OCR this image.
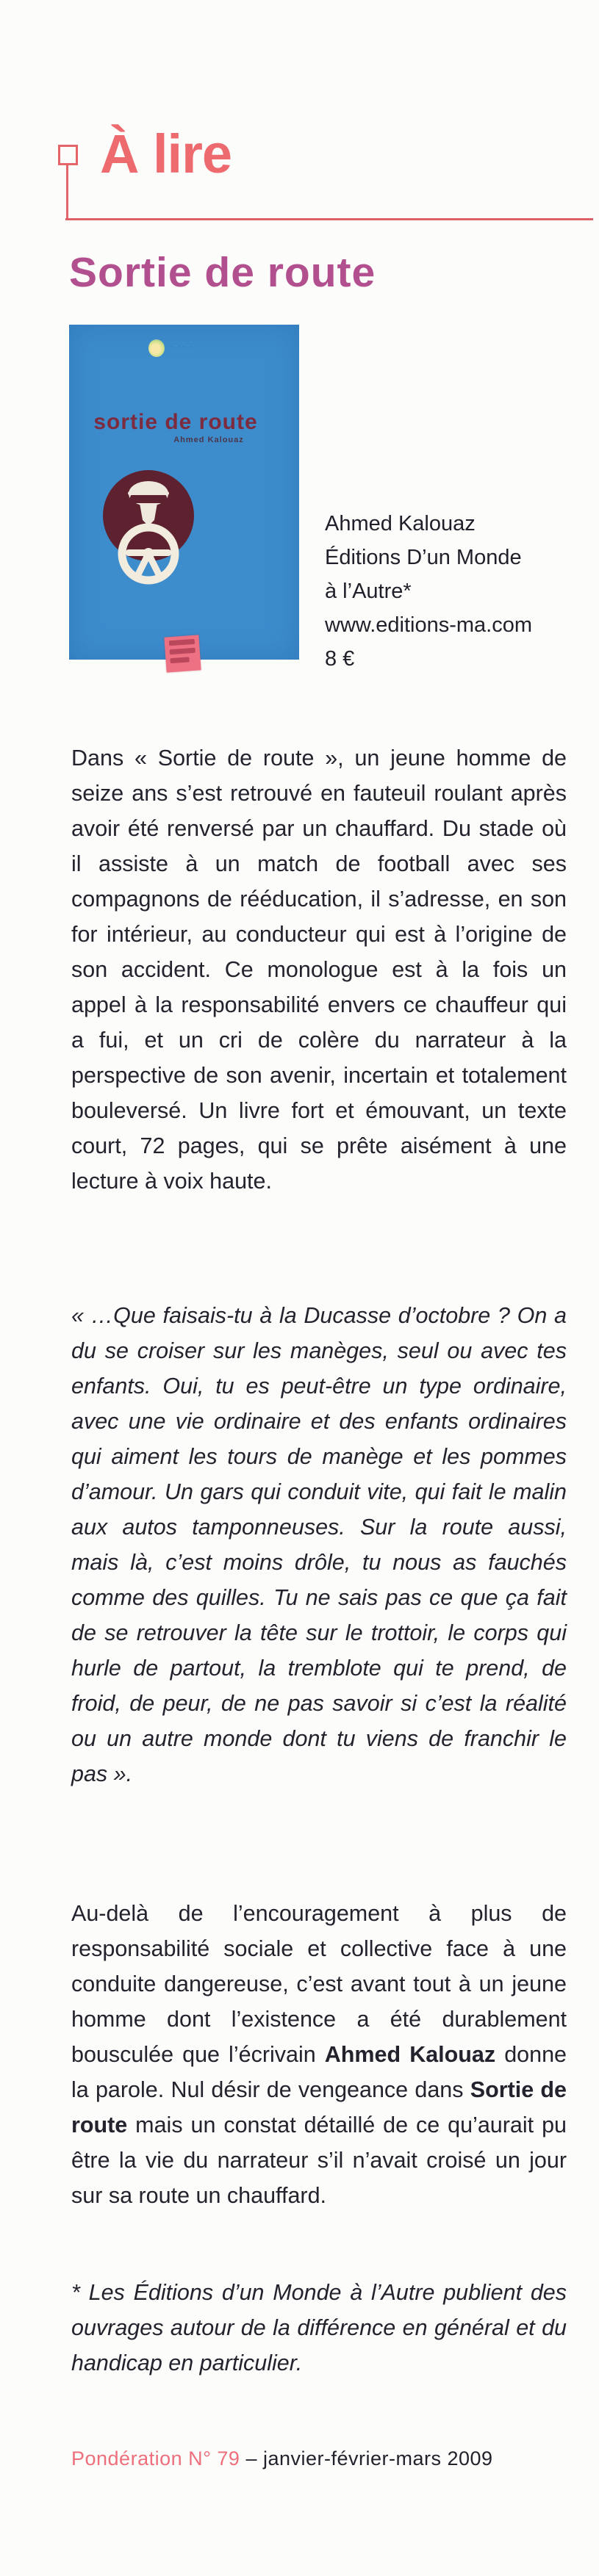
À lire
Sortie de route
· ·· ·
sortie de route
Ahmed Kalouaz
Ahmed Kalouaz
Éditions D’un Monde
à l’Autre*
www.editions-ma.com
8 €

Dans « Sortie de route », un jeune homme de seize ans s’est retrouvé en fauteuil roulant après avoir été renversé par un chauffard. Du stade où il assiste à un match de football avec ses compagnons de rééducation, il s’adresse, en son for intérieur, au conducteur qui est à l’origine de son accident. Ce monologue est à la fois un appel à la responsabilité envers ce chauffeur qui a fui, et un cri de colère du narrateur à la perspective de son avenir, incertain et totalement bouleversé. Un livre fort et émouvant, un texte court, 72 pages, qui se prête aisément à une lecture à voix haute.

« …Que faisais-tu à la Ducasse d’octobre ? On a du se croiser sur les manèges, seul ou avec tes enfants. Oui, tu es peut-être un type ordinaire, avec une vie ordinaire et des enfants ordinaires qui aiment les tours de manège et les pommes d’amour. Un gars qui conduit vite, qui fait le malin aux autos tamponneuses. Sur la route aussi, mais là, c’est moins drôle, tu nous as fauchés comme des quilles. Tu ne sais pas ce que ça fait de se retrouver la tête sur le trottoir, le corps qui hurle de partout, la tremblote qui te prend, de froid, de peur, de ne pas savoir si c’est la réalité ou un autre monde dont tu viens de franchir le pas ».

Au-delà de l’encouragement à plus de responsabilité sociale et collective face à une conduite dangereuse, c’est avant tout à un jeune homme dont l’existence a été durablement bousculée que l’écrivain Ahmed Kalouaz donne la parole. Nul désir de vengeance dans Sortie de route mais un constat détaillé de ce qu’aurait pu être la vie du narrateur s’il n’avait croisé un jour sur sa route un chauffard.

* Les Éditions d’un Monde à l’Autre publient des ouvrages autour de la différence en général et du handicap en particulier.

Pondération N° 79 – janvier-février-mars 2009
